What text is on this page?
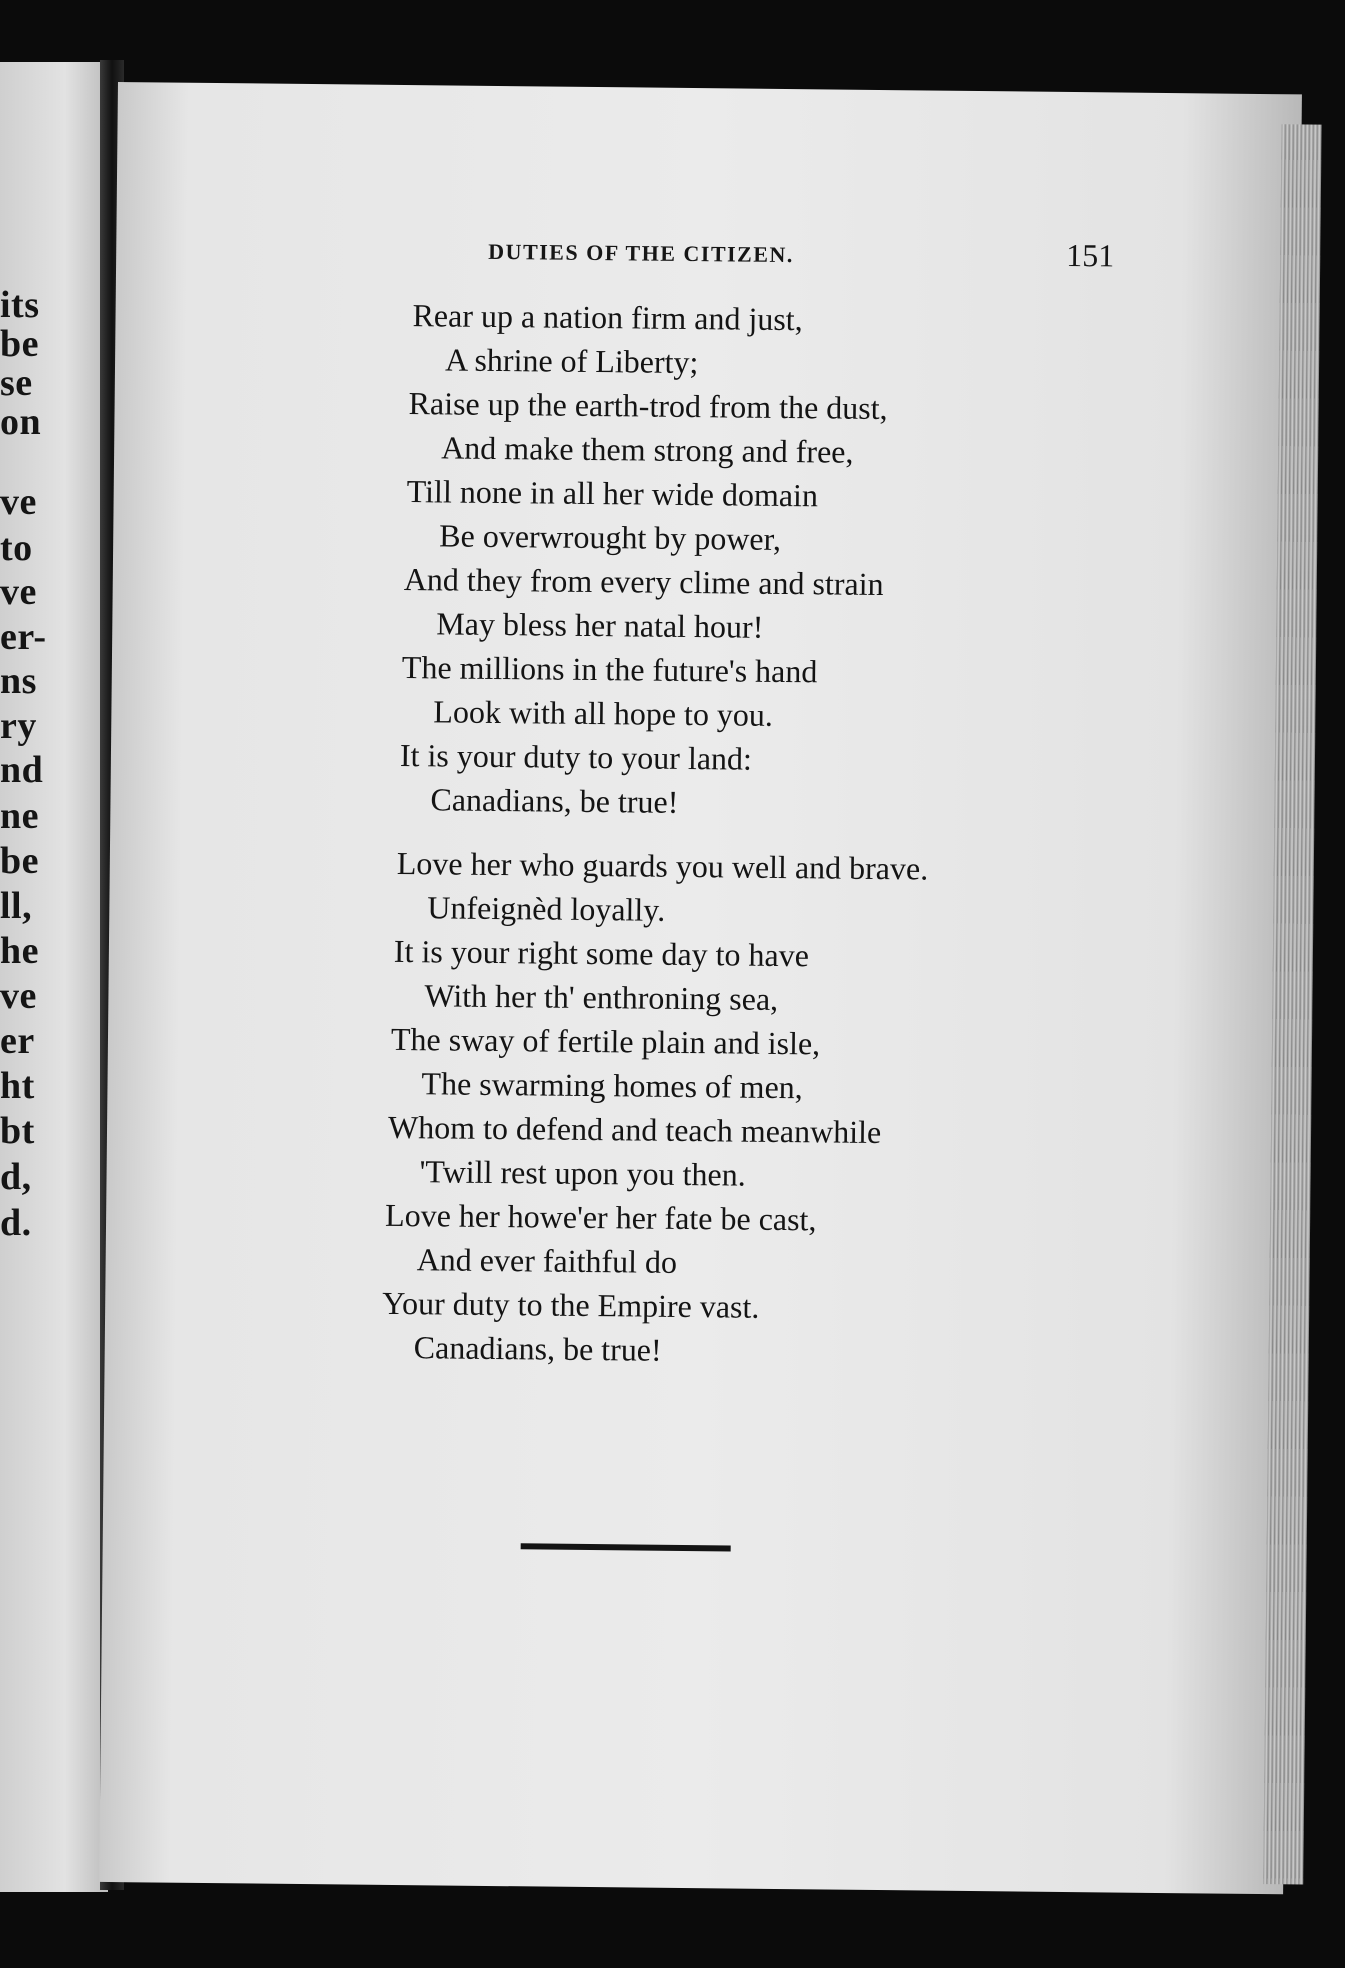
its
be
se
on
ve
to
ve
er-
ns
ry
nd
ne
be
ll,
he
ve
er
ht
bt
d,
d.
DUTIES OF THE CITIZEN.	151
Rear up a nation firm and just,
A shrine of Liberty;
Raise up the earth-trod from the dust,
And make them strong and free,
Till none in all her wide domain
Be overwrought by power,
And they from every clime and strain
May bless her natal hour!
The millions in the future's hand
Look with all hope to you.
It is your duty to your land:
Canadians, be true!
Love her who guards you well and brave.
Unfeignèd loyally.
It is your right some day to have
With her th' enthroning sea,
The sway of fertile plain and isle,
The swarming homes of men,
Whom to defend and teach meanwhile
'Twill rest upon you then.
Love her howe'er her fate be cast,
And ever faithful do
Your duty to the Empire vast.
Canadians, be true!
